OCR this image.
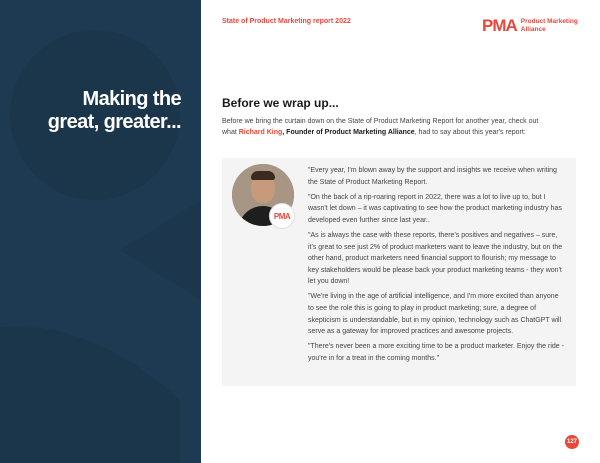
Making the
great, greater...
State of Product Marketing report 2022	PMA Product Marketing
Alliance
Before we wrap up...

Before we bring the curtain down on the State of Product Marketing Report for another year, check out what Richard King, Founder of Product Marketing Alliance, had to say about this year's report:

PMA

"Every year, I'm blown away by the support and insights we receive when writing the State of Product Marketing Report.

"On the back of a rip-roaring report in 2022, there was a lot to live up to, but I wasn't let down – it was captivating to see how the product marketing industry has developed even further since last year..

"As is always the case with these reports, there's positives and negatives – sure, it's great to see just 2% of product marketers want to leave the industry, but on the other hand, product marketers need financial support to flourish; my message to key stakeholders would be please back your product marketing teams - they won't let you down!

"We're living in the age of artificial intelligence, and I'm more excited than anyone to see the role this is going to play in product marketing; sure, a degree of skepticism is understandable, but in my opinion, technology such as ChatGPT will serve as a gateway for improved practices and awesome projects.

"There's never been a more exciting time to be a product marketer. Enjoy the ride - you're in for a treat in the coming months."

127
